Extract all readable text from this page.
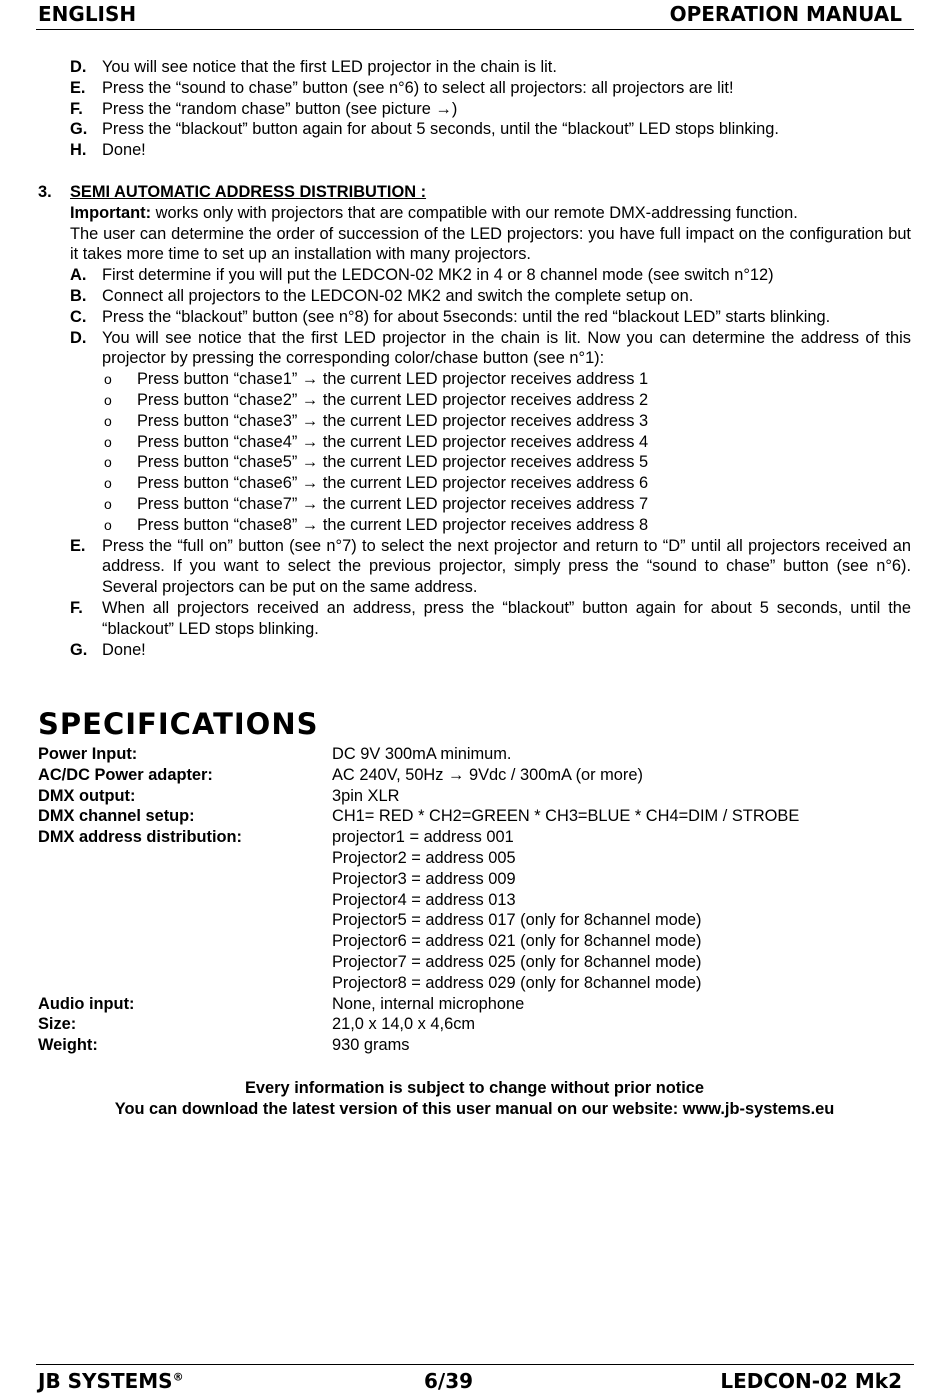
ENGLISH	OPERATION MANUAL
D. You will see notice that the first LED projector in the chain is lit.
E. Press the “sound to chase” button (see n°6) to select all projectors: all projectors are lit!
F. Press the “random chase” button (see picture →)
G. Press the “blackout” button again for about 5 seconds, until the “blackout” LED stops blinking.
H. Done!
3. SEMI AUTOMATIC ADDRESS DISTRIBUTION :
Important: works only with projectors that are compatible with our remote DMX-addressing function.
The user can determine the order of succession of the LED projectors: you have full impact on the configuration but it takes more time to set up an installation with many projectors.
A. First determine if you will put the LEDCON-02 MK2 in 4 or 8 channel mode (see switch n°12)
B. Connect all projectors to the LEDCON-02 MK2 and switch the complete setup on.
C. Press the “blackout” button (see n°8) for about 5seconds: until the red “blackout LED” starts blinking.
D. You will see notice that the first LED projector in the chain is lit. Now you can determine the address of this projector by pressing the corresponding color/chase button (see n°1):
o Press button “chase1” → the current LED projector receives address 1
o Press button “chase2” → the current LED projector receives address 2
o Press button “chase3” → the current LED projector receives address 3
o Press button “chase4” → the current LED projector receives address 4
o Press button “chase5” → the current LED projector receives address 5
o Press button “chase6” → the current LED projector receives address 6
o Press button “chase7” → the current LED projector receives address 7
o Press button “chase8” → the current LED projector receives address 8
E. Press the “full on” button (see n°7) to select the next projector and return to “D” until all projectors received an address. If you want to select the previous projector, simply press the “sound to chase” button (see n°6). Several projectors can be put on the same address.
F. When all projectors received an address, press the “blackout” button again for about 5 seconds, until the “blackout” LED stops blinking.
G. Done!
SPECIFICATIONS
Power Input:	DC 9V 300mA minimum.
AC/DC Power adapter:	AC 240V, 50Hz → 9Vdc / 300mA (or more)
DMX output:	3pin XLR
DMX channel setup:	CH1= RED * CH2=GREEN * CH3=BLUE * CH4=DIM / STROBE
DMX address distribution:	projector1 = address 001
Projector2 = address 005
Projector3 = address 009
Projector4 = address 013
Projector5 = address 017 (only for 8channel mode)
Projector6 = address 021 (only for 8channel mode)
Projector7 = address 025 (only for 8channel mode)
Projector8 = address 029 (only for 8channel mode)
Audio input:	None, internal microphone
Size:	21,0 x 14,0 x 4,6cm
Weight:	930 grams
Every information is subject to change without prior notice
You can download the latest version of this user manual on our website: www.jb-systems.eu
JB SYSTEMS®	6/39	LEDCON-02 Mk2
